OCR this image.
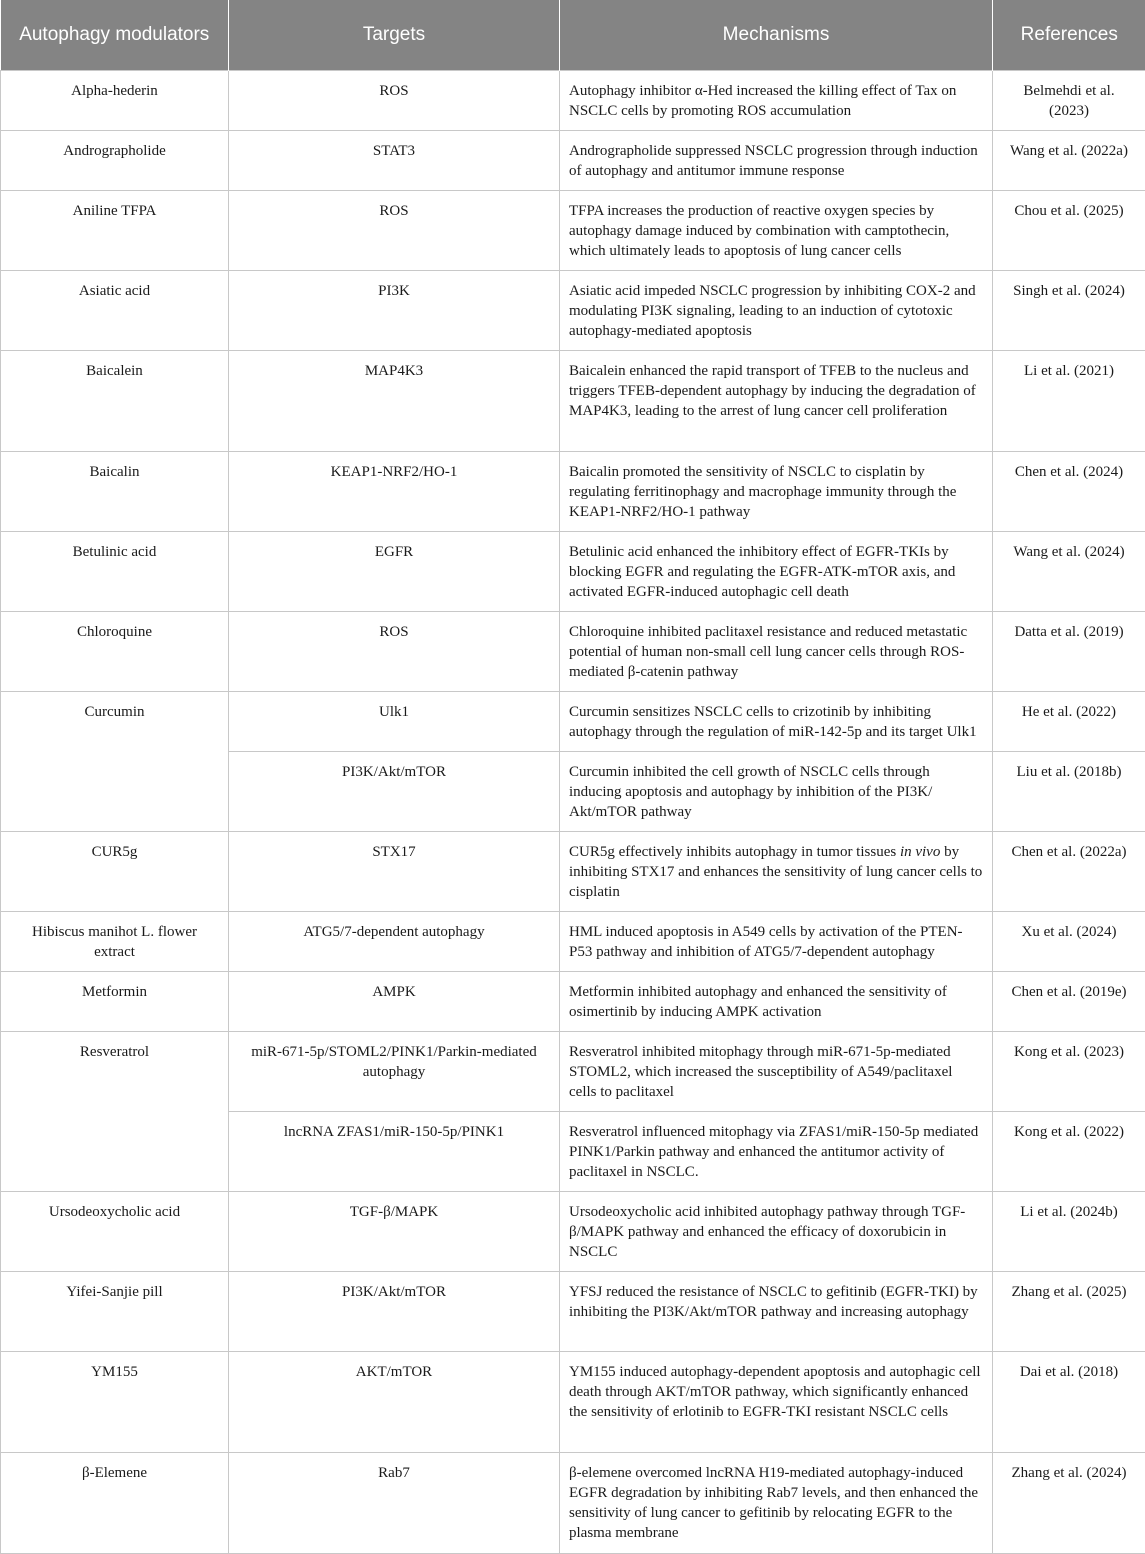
Autophagy modulators	Targets	Mechanisms	References
Alpha-hederin	ROS	Autophagy inhibitor α-Hed increased the killing effect of Tax on NSCLC cells by promoting ROS accumulation	Belmehdi et al. (2023)
Andrographolide	STAT3	Andrographolide suppressed NSCLC progression through induction of autophagy and antitumor immune response	Wang et al. (2022a)
Aniline TFPA	ROS	TFPA increases the production of reactive oxygen species by autophagy damage induced by combination with camptothecin, which ultimately leads to apoptosis of lung cancer cells	Chou et al. (2025)
Asiatic acid	PI3K	Asiatic acid impeded NSCLC progression by inhibiting COX-2 and modulating PI3K signaling, leading to an induction of cytotoxic autophagy-mediated apoptosis	Singh et al. (2024)
Baicalein	MAP4K3	Baicalein enhanced the rapid transport of TFEB to the nucleus and triggers TFEB-dependent autophagy by inducing the degradation of MAP4K3, leading to the arrest of lung cancer cell proliferation	Li et al. (2021)
Baicalin	KEAP1-NRF2/HO-1	Baicalin promoted the sensitivity of NSCLC to cisplatin by regulating ferritinophagy and macrophage immunity through the KEAP1-NRF2/HO-1 pathway	Chen et al. (2024)
Betulinic acid	EGFR	Betulinic acid enhanced the inhibitory effect of EGFR-TKIs by blocking EGFR and regulating the EGFR-ATK-mTOR axis, and activated EGFR-induced autophagic cell death	Wang et al. (2024)
Chloroquine	ROS	Chloroquine inhibited paclitaxel resistance and reduced metastatic potential of human non-small cell lung cancer cells through ROS-mediated β-catenin pathway	Datta et al. (2019)
Curcumin	Ulk1	Curcumin sensitizes NSCLC cells to crizotinib by inhibiting autophagy through the regulation of miR-142-5p and its target Ulk1	He et al. (2022)
	PI3K/Akt/mTOR	Curcumin inhibited the cell growth of NSCLC cells through inducing apoptosis and autophagy by inhibition of the PI3K/ Akt/mTOR pathway	Liu et al. (2018b)
CUR5g	STX17	CUR5g effectively inhibits autophagy in tumor tissues in vivo by inhibiting STX17 and enhances the sensitivity of lung cancer cells to cisplatin	Chen et al. (2022a)
Hibiscus manihot L. flower extract	ATG5/7-dependent autophagy	HML induced apoptosis in A549 cells by activation of the PTEN-P53 pathway and inhibition of ATG5/7-dependent autophagy	Xu et al. (2024)
Metformin	AMPK	Metformin inhibited autophagy and enhanced the sensitivity of osimertinib by inducing AMPK activation	Chen et al. (2019e)
Resveratrol	miR-671-5p/STOML2/PINK1/Parkin-mediated autophagy	Resveratrol inhibited mitophagy through miR-671-5p-mediated STOML2, which increased the susceptibility of A549/paclitaxel cells to paclitaxel	Kong et al. (2023)
	lncRNA ZFAS1/miR-150-5p/PINK1	Resveratrol influenced mitophagy via ZFAS1/miR-150-5p mediated PINK1/Parkin pathway and enhanced the antitumor activity of paclitaxel in NSCLC.	Kong et al. (2022)
Ursodeoxycholic acid	TGF-β/MAPK	Ursodeoxycholic acid inhibited autophagy pathway through TGF-β/MAPK pathway and enhanced the efficacy of doxorubicin in NSCLC	Li et al. (2024b)
Yifei-Sanjie pill	PI3K/Akt/mTOR	YFSJ reduced the resistance of NSCLC to gefitinib (EGFR-TKI) by inhibiting the PI3K/Akt/mTOR pathway and increasing autophagy	Zhang et al. (2025)
YM155	AKT/mTOR	YM155 induced autophagy-dependent apoptosis and autophagic cell death through AKT/mTOR pathway, which significantly enhanced the sensitivity of erlotinib to EGFR-TKI resistant NSCLC cells	Dai et al. (2018)
β-Elemene	Rab7	β-elemene overcomed lncRNA H19-mediated autophagy-induced EGFR degradation by inhibiting Rab7 levels, and then enhanced the sensitivity of lung cancer to gefitinib by relocating EGFR to the plasma membrane	Zhang et al. (2024)
